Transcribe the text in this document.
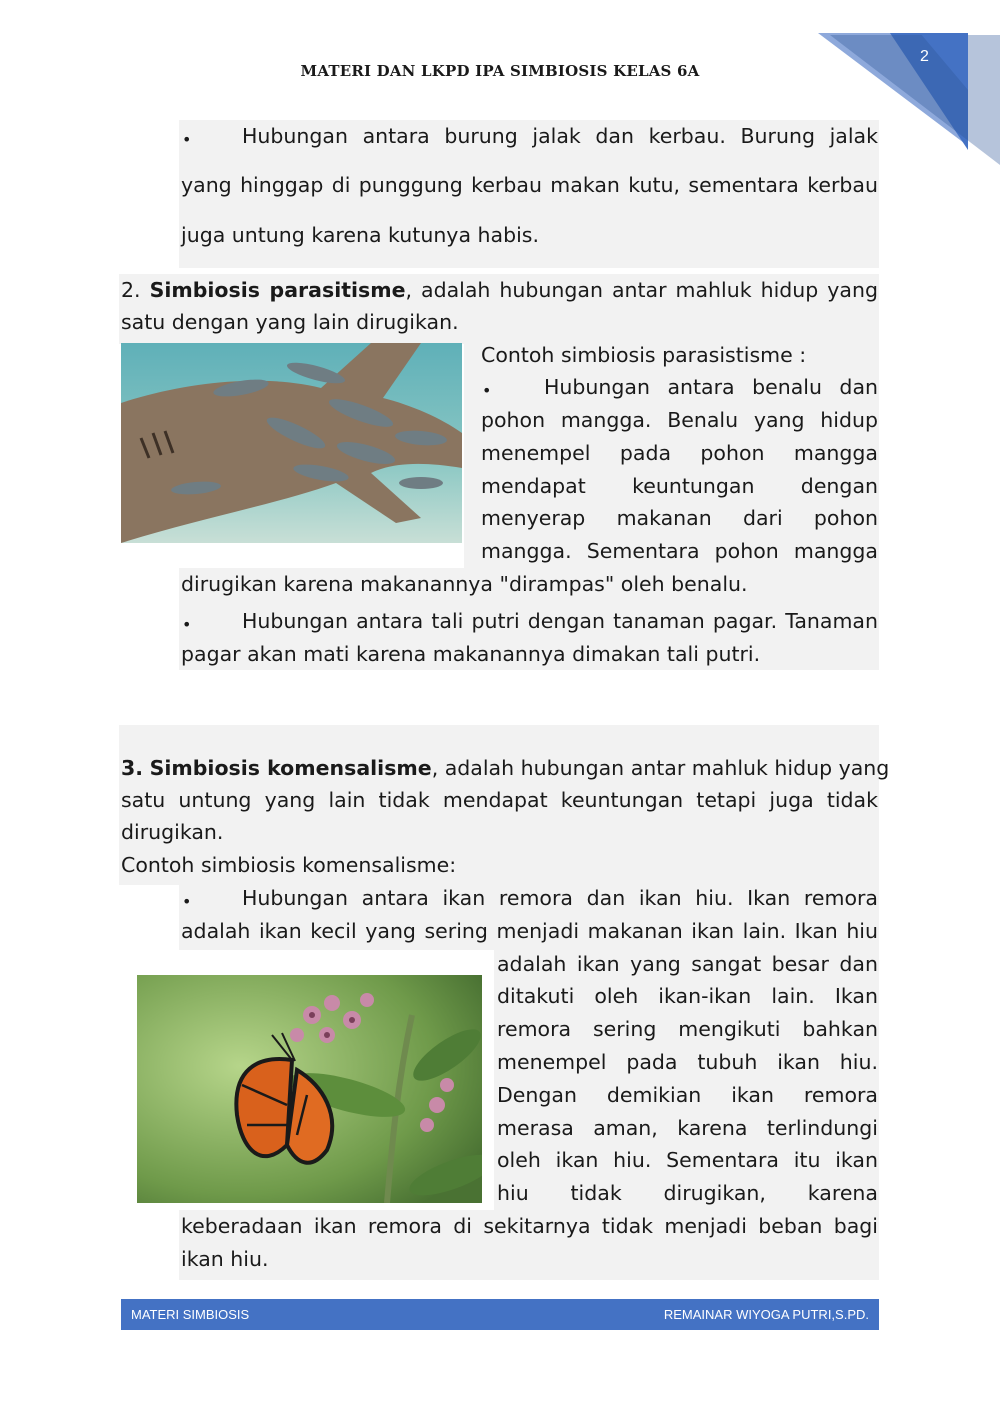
2
MATERI DAN LKPD IPA SIMBIOSIS KELAS 6A
• Hubungan antara burung jalak dan kerbau. Burung jalak
yang hinggap di punggung kerbau makan kutu, sementara kerbau
juga untung karena kutunya habis.
2. Simbiosis parasitisme, adalah hubungan antar mahluk hidup yang
satu dengan yang lain dirugikan.
Contoh simbiosis parasistisme :
•	Hubungan antara benalu dan
pohon mangga. Benalu yang hidup
menempel pada pohon mangga
mendapat keuntungan dengan
menyerap makanan dari pohon
mangga. Sementara pohon mangga
dirugikan karena makanannya "dirampas" oleh benalu.
• Hubungan antara tali putri dengan tanaman pagar. Tanaman
pagar akan mati karena makanannya dimakan tali putri.
3. Simbiosis komensalisme, adalah hubungan antar mahluk hidup yang
satu untung yang lain tidak mendapat keuntungan tetapi juga tidak
dirugikan.
Contoh simbiosis komensalisme:
• Hubungan antara ikan remora dan ikan hiu. Ikan remora
adalah ikan kecil yang sering menjadi makanan ikan lain. Ikan hiu
adalah ikan yang sangat besar dan
ditakuti oleh ikan-ikan lain. Ikan
remora sering mengikuti bahkan
menempel pada tubuh ikan hiu.
Dengan demikian ikan remora
merasa aman, karena terlindungi
oleh ikan hiu. Sementara itu ikan
hiu tidak dirugikan, karena
keberadaan ikan remora di sekitarnya tidak menjadi beban bagi
ikan hiu.
MATERI SIMBIOSIS	REMAINAR WIYOGA PUTRI,S.PD.
